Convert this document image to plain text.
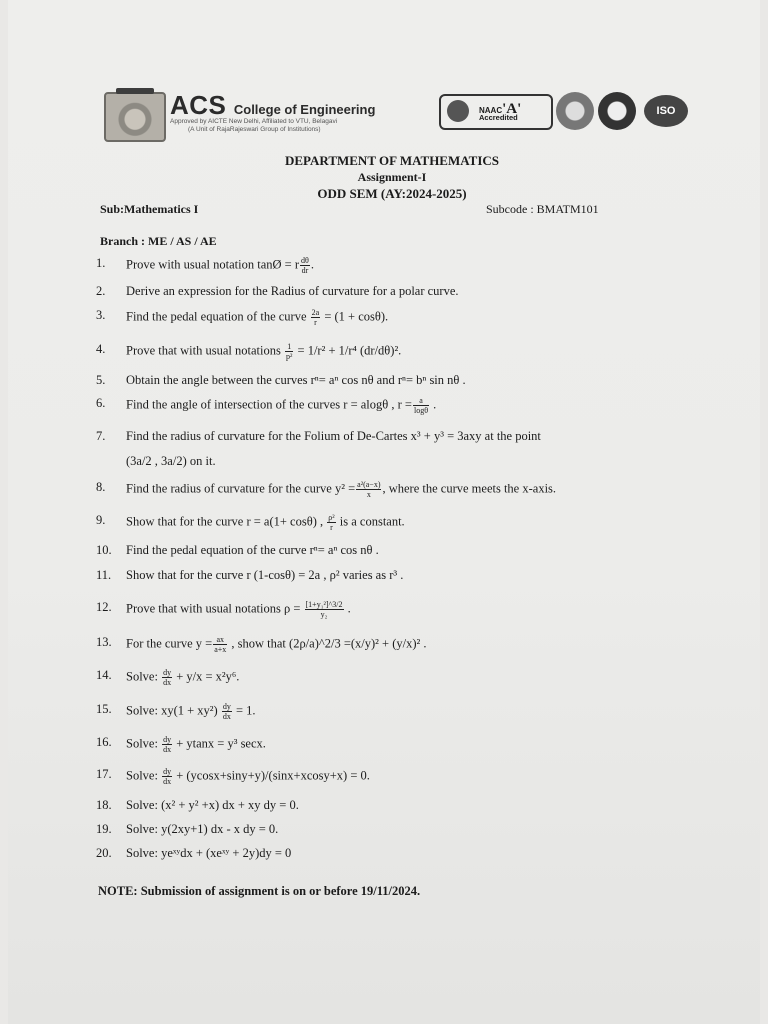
ACS College of Engineering
Approved by AICTE New Delhi, Affiliated to VTU, Belagavi
(A Unit of RajaRajeswari Group of Institutions)
NAAC'A'
Accredited
ISO
DEPARTMENT OF MATHEMATICS
Assignment-I
ODD SEM (AY:2024-2025)
Sub:Mathematics I	Subcode : BMATM101
Branch : ME / AS / AE
1.	Prove with usual notation tanØ = r $\frac{d\theta}{dr}$ .
2.	Derive an expression for the Radius of curvature for a polar curve.
3.	Find the pedal equation of the curve $\frac{2a}{r} = (1 + \cos\theta)$.
4.	Prove that with usual notations $\frac{1}{\text{p²}} = 1/r^2 + 1/r^4$ (dr/dθ)².
5.	Obtain the angle between the curves rⁿ= aⁿ cos nθ and rⁿ= bⁿ sin nθ .
6.	Find the angle of intersection of the curves r = alogθ , $r = \frac{a}{\log\theta}$ .
7.	Find the radius of curvature for the Folium of De-Cartes x³ + y³ = 3axy at the point
(3a/2 , 3a/2) on it.
8.	Find the radius of curvature for the curve $y^2 = \frac{\text{a²(a−x)}}{x}$ , where the curve meets the x-axis.
9.	Show that for the curve r = a(1+ cosθ) , $\frac{\text{ρ²}}{r}$ is a constant.
10.	Find the pedal equation of the curve rⁿ= aⁿ cos nθ .
11.	Show that for the curve r (1-cosθ) = 2a , ρ² varies as r³ .
12.	Prove that with usual notations $\rho = \frac{\text{[1+y₁²]\textasciicircum{}3/2}}{\text{y₂}}$ .
13.	For the curve $y = \frac{ax}{a+x}$ , show that (2ρ/a)^2/3 =(x/y)² + (y/x)² .
14.	Solve: $\frac{dy}{dx} + y/x = x^2y^6$.
15.	Solve: $xy(1 + xy^2) \frac{dy}{dx} = 1$.
16.	Solve: $\frac{dy}{dx} + ytanx = y^3$ secx.
17.	Solve: $\frac{dy}{dx} + (ycosx+\sin y+y)/(\sin x+xcosy+x) = 0$.
18.	Solve: (x² + y² +x) dx + xy dy = 0.
19.	Solve: y(2xy+1) dx - x dy = 0.
20.	Solve: yeˣʸdx + (xeˣʸ + 2y)dy = 0
NOTE: Submission of assignment is on or before 19/11/2024.
